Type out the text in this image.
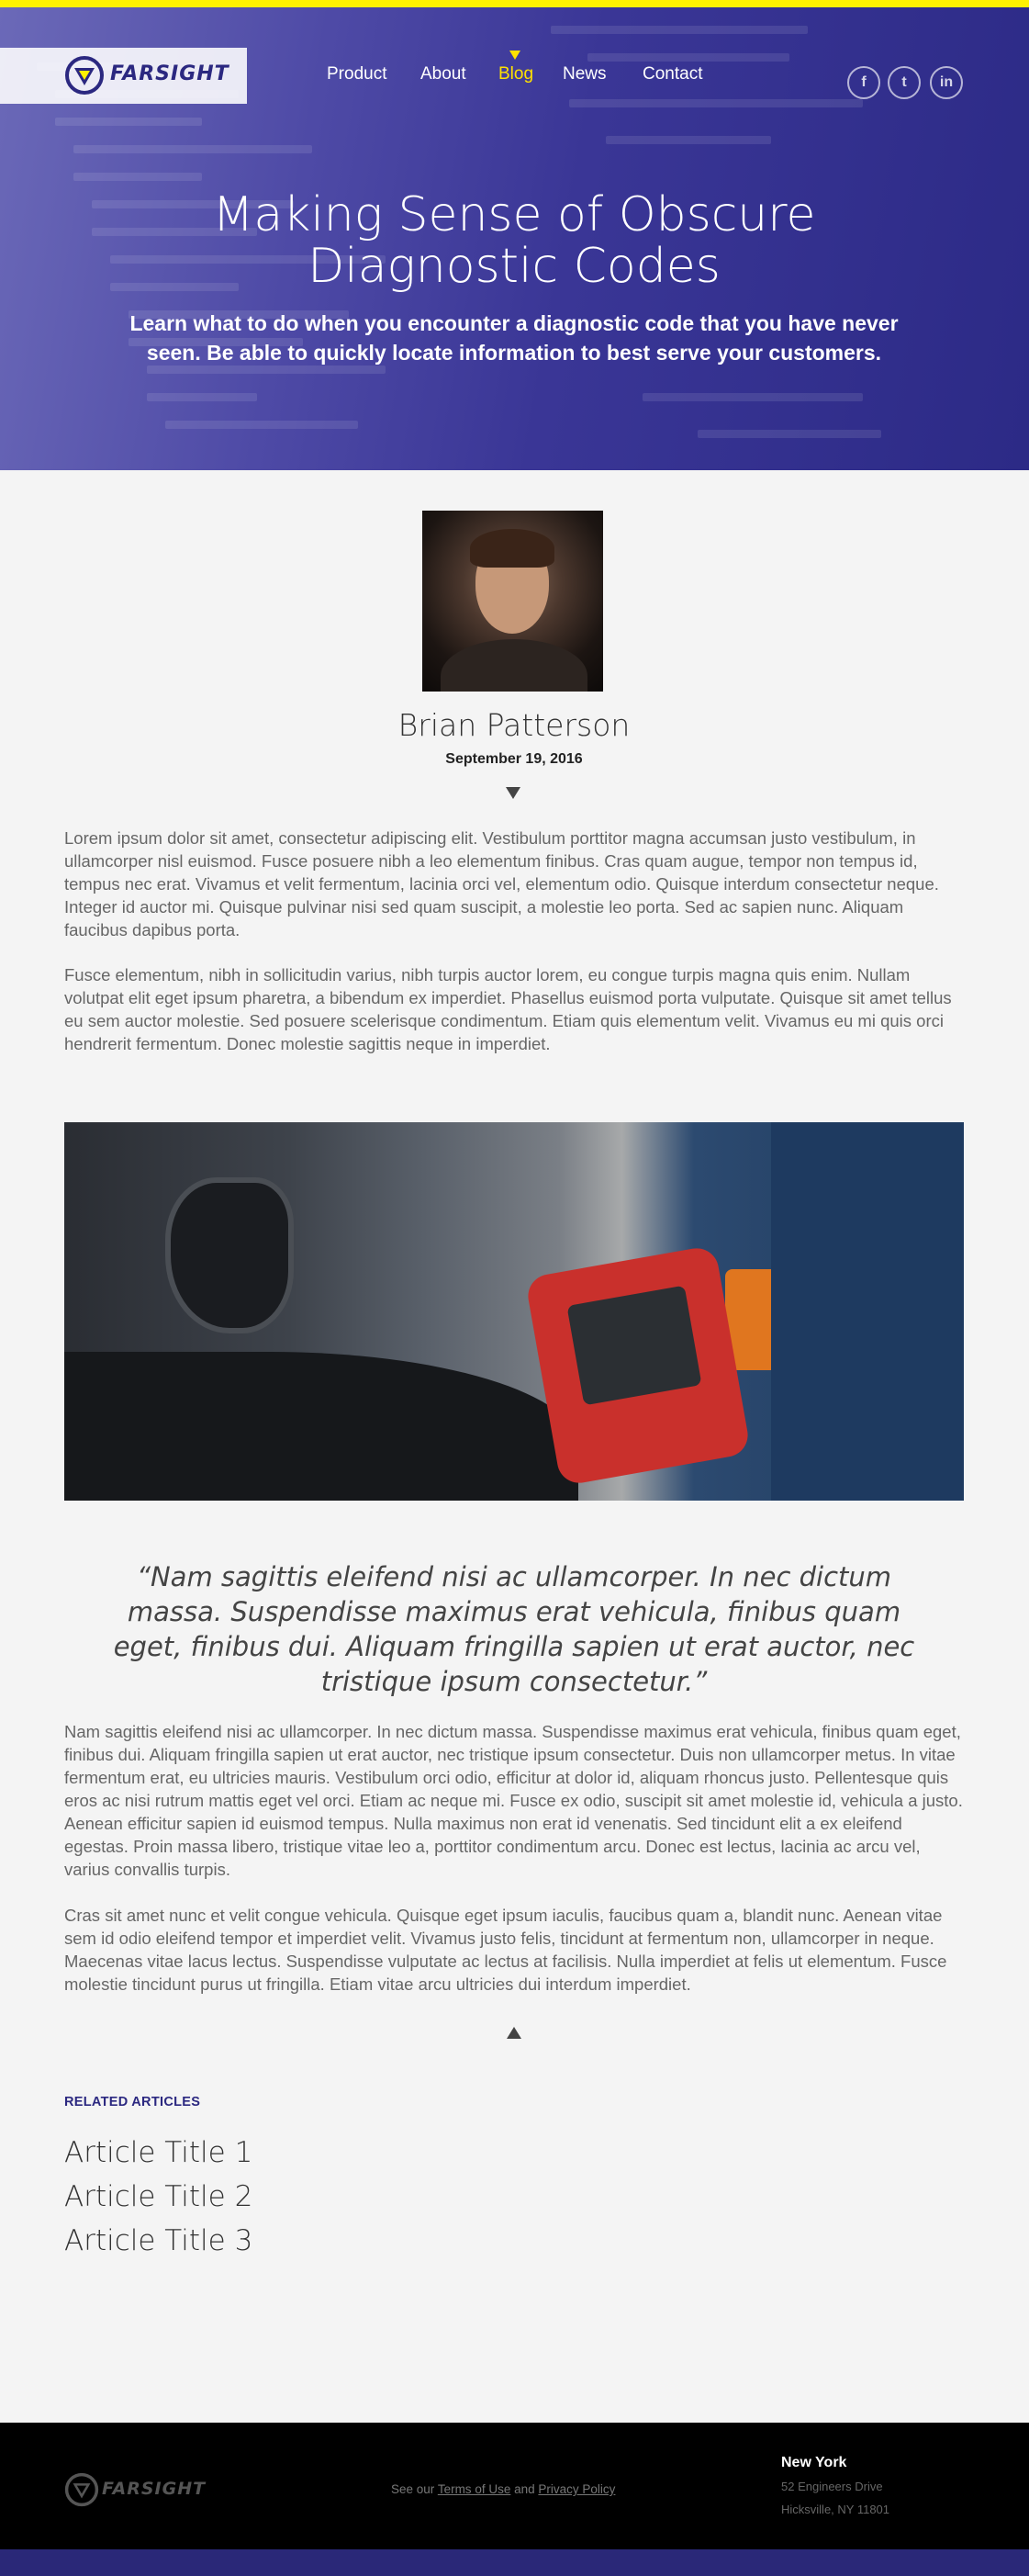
FARSIGHT	Product About Blog News Contact	f	t	in
Making Sense of Obscure
Diagnostic Codes

Learn what to do when you encounter a diagnostic code that you have never seen. Be able to quickly locate information to best serve your customers.

Brian Patterson
September 19, 2016

Lorem ipsum dolor sit amet, consectetur adipiscing elit. Vestibulum porttitor magna accumsan justo vestibulum, in ullamcorper nisl euismod. Fusce posuere nibh a leo elementum finibus. Cras quam augue, tempor non tempus id, tempus nec erat. Vivamus et velit fermentum, lacinia orci vel, elementum odio. Quisque interdum consectetur neque. Integer id auctor mi. Quisque pulvinar nisi sed quam suscipit, a molestie leo porta. Sed ac sapien nunc. Aliquam faucibus dapibus porta.

Fusce elementum, nibh in sollicitudin varius, nibh turpis auctor lorem, eu congue turpis magna quis enim. Nullam volutpat elit eget ipsum pharetra, a bibendum ex imperdiet. Phasellus euismod porta vulputate. Quisque sit amet tellus eu sem auctor molestie. Sed posuere scelerisque condimentum. Etiam quis elementum velit. Vivamus eu mi quis orci hendrerit fermentum. Donec molestie sagittis neque in imperdiet.

“Nam sagittis eleifend nisi ac ullamcorper. In nec dictum massa. Suspendisse maximus erat vehicula, finibus quam eget, finibus dui. Aliquam fringilla sapien ut erat auctor, nec tristique ipsum consectetur.”

Nam sagittis eleifend nisi ac ullamcorper. In nec dictum massa. Suspendisse maximus erat vehicula, finibus quam eget, finibus dui. Aliquam fringilla sapien ut erat auctor, nec tristique ipsum consectetur. Duis non ullamcorper metus. In vitae fermentum erat, eu ultricies mauris. Vestibulum orci odio, efficitur at dolor id, aliquam rhoncus justo. Pellentesque quis eros ac nisi rutrum mattis eget vel orci. Etiam ac neque mi. Fusce ex odio, suscipit sit amet molestie id, vehicula a justo. Aenean efficitur sapien id euismod tempus. Nulla maximus non erat id venenatis. Sed tincidunt elit a ex eleifend egestas. Proin massa libero, tristique vitae leo a, porttitor condimentum arcu. Donec est lectus, lacinia ac arcu vel, varius convallis turpis.

Cras sit amet nunc et velit congue vehicula. Quisque eget ipsum iaculis, faucibus quam a, blandit nunc. Aenean vitae sem id odio eleifend tempor et imperdiet velit. Vivamus justo felis, tincidunt at fermentum non, ullamcorper in neque. Maecenas vitae lacus lectus. Suspendisse vulputate ac lectus at facilisis. Nulla imperdiet at felis ut elementum. Fusce molestie tincidunt purus ut fringilla. Etiam vitae arcu ultricies dui interdum imperdiet.

RELATED ARTICLES
Article Title 1
Article Title 2
Article Title 3
FARSIGHT	See our Terms of Use and Privacy Policy
New York
52 Engineers Drive
Hicksville, NY 11801
